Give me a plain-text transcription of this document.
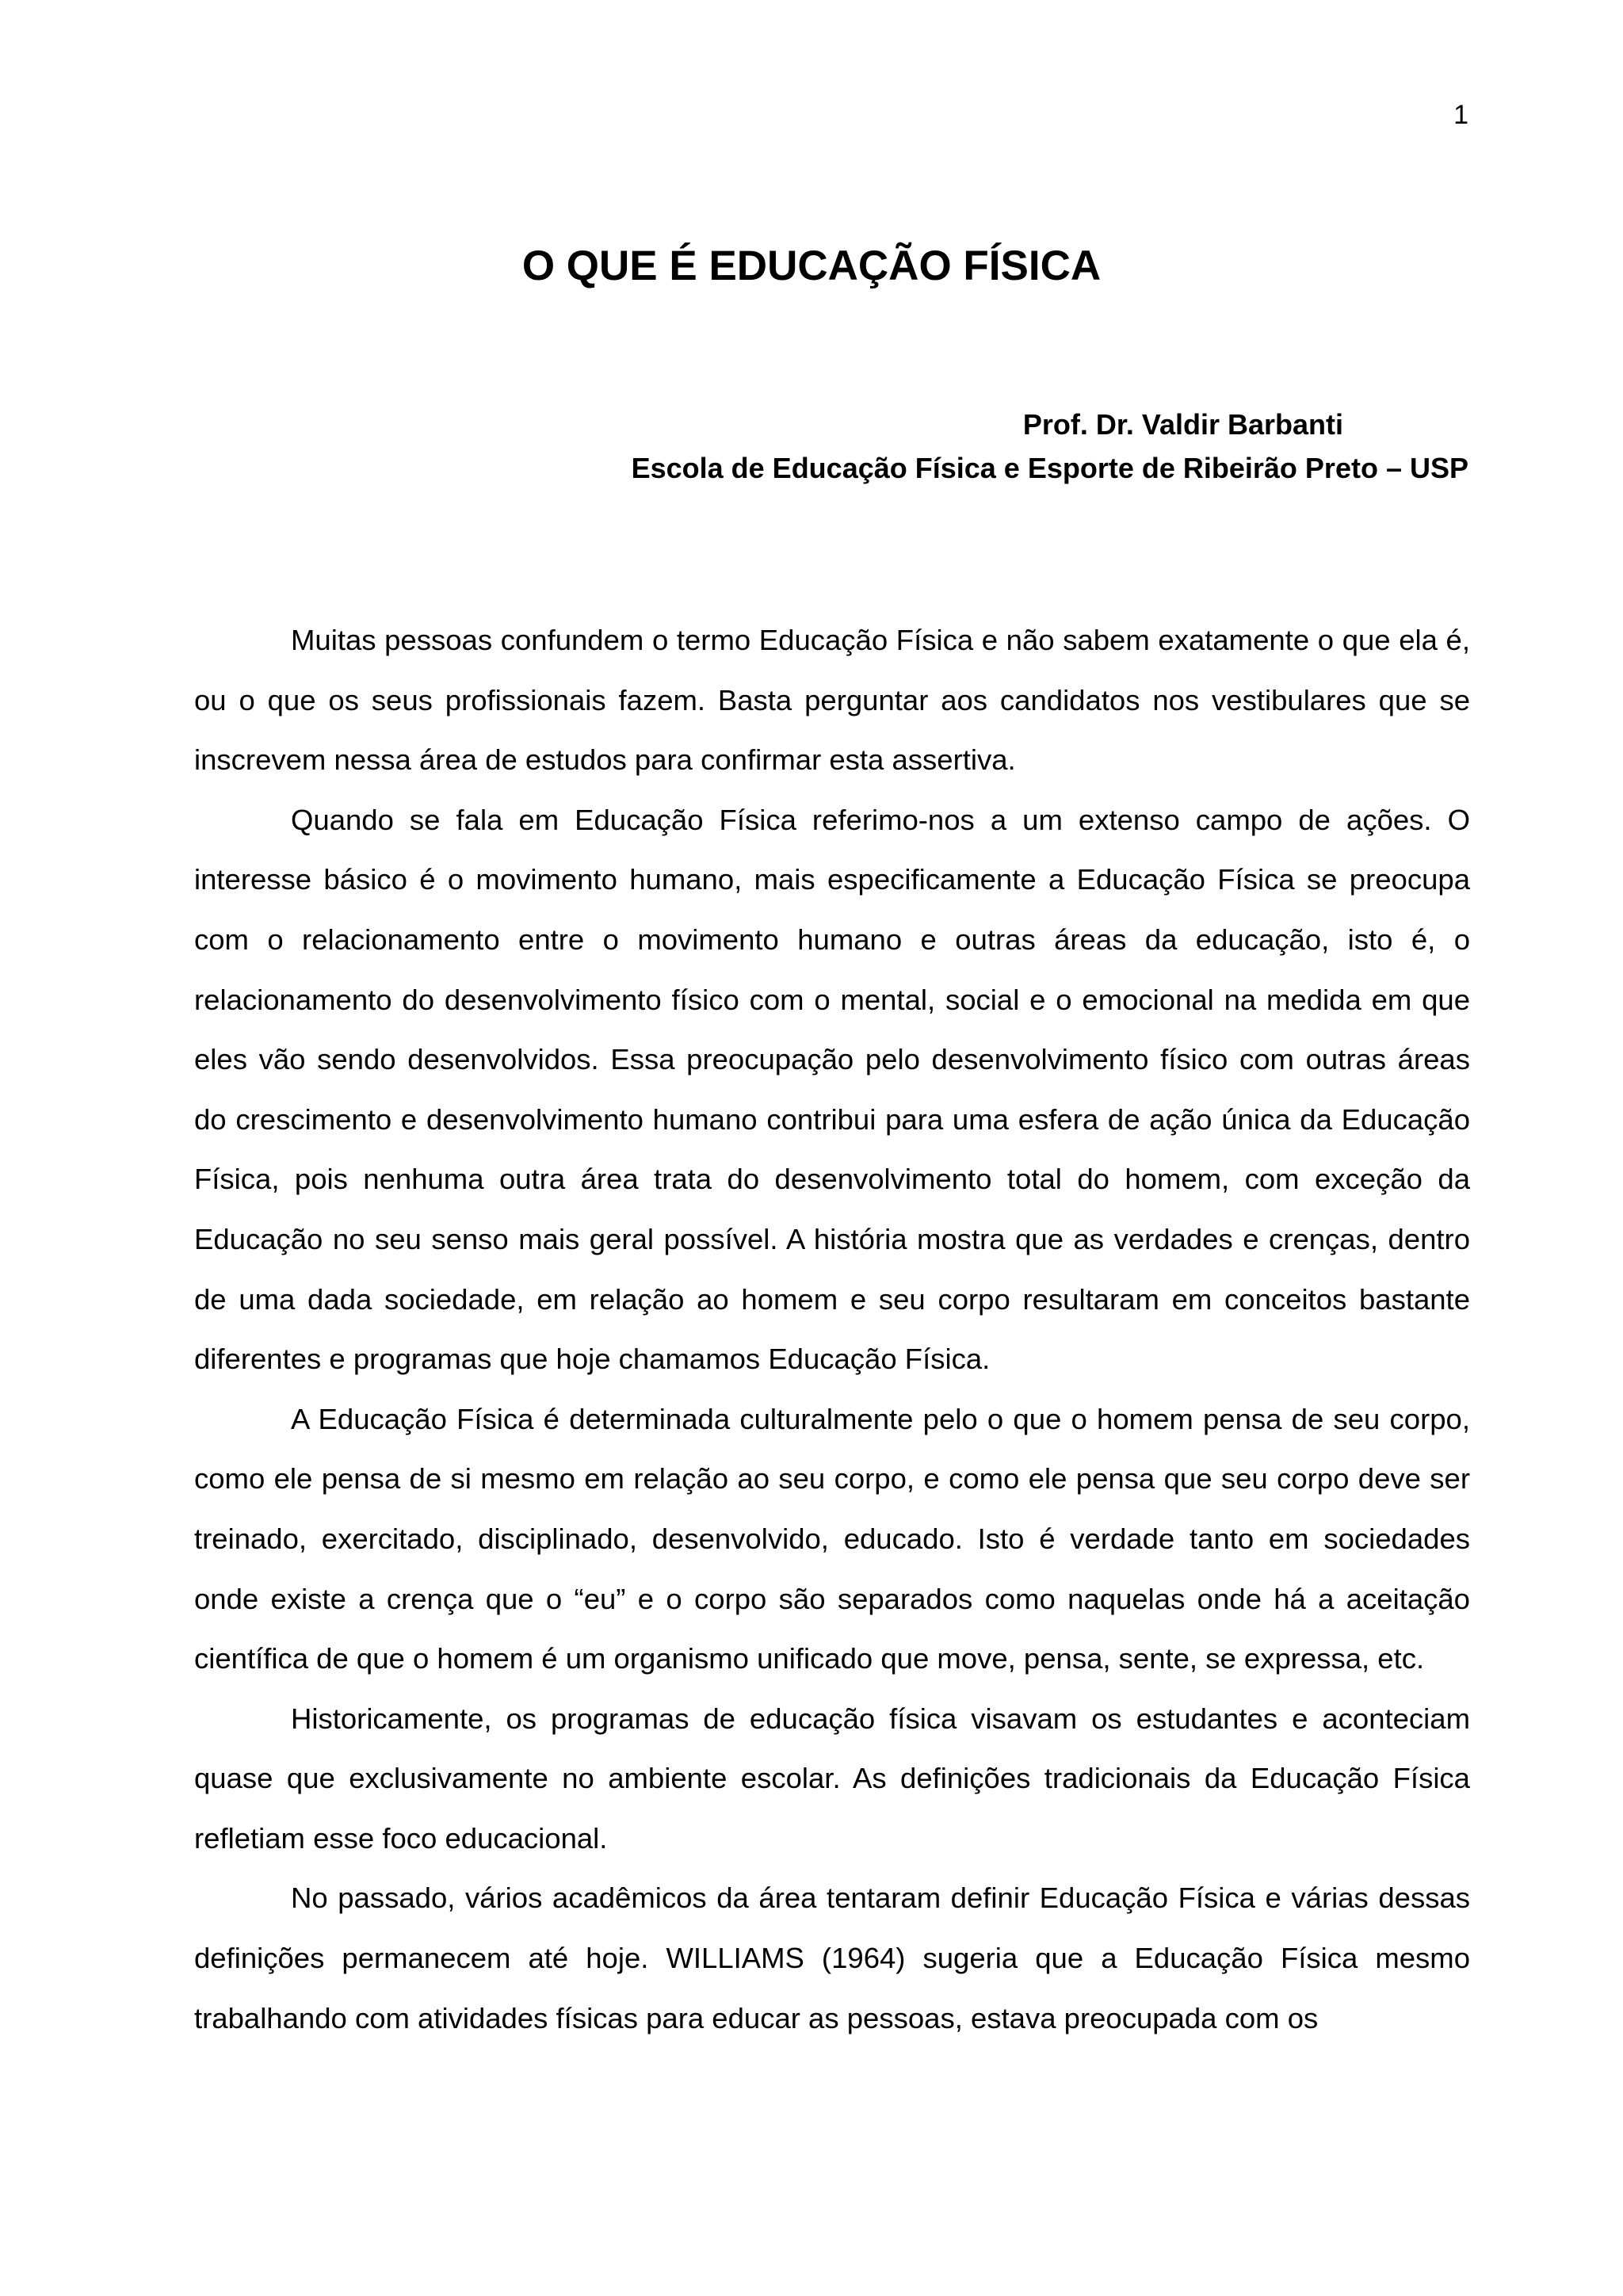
1
O QUE É EDUCAÇÃO FÍSICA
Prof. Dr. Valdir Barbanti
Escola de Educação Física e Esporte de Ribeirão Preto – USP

Muitas pessoas confundem o termo Educação Física e não sabem exatamente o que ela é, ou o que os seus profissionais fazem. Basta perguntar aos candidatos nos vestibulares que se inscrevem nessa área de estudos para confirmar esta assertiva.

Quando se fala em Educação Física referimo-nos a um extenso campo de ações. O interesse básico é o movimento humano, mais especificamente a Educação Física se preocupa com o relacionamento entre o movimento humano e outras áreas da educação, isto é, o relacionamento do desenvolvimento físico com o mental, social e o emocional na medida em que eles vão sendo desenvolvidos. Essa preocupação pelo desenvolvimento físico com outras áreas do crescimento e desenvolvimento humano contribui para uma esfera de ação única da Educação Física, pois nenhuma outra área trata do desenvolvimento total do homem, com exceção da Educação no seu senso mais geral possível. A história mostra que as verdades e crenças, dentro de uma dada sociedade, em relação ao homem e seu corpo resultaram em conceitos bastante diferentes e programas que hoje chamamos Educação Física.

A Educação Física é determinada culturalmente pelo o que o homem pensa de seu corpo, como ele pensa de si mesmo em relação ao seu corpo, e como ele pensa que seu corpo deve ser treinado, exercitado, disciplinado, desenvolvido, educado. Isto é verdade tanto em sociedades onde existe a crença que o “eu” e o corpo são separados como naquelas onde há a aceitação científica de que o homem é um organismo unificado que move, pensa, sente, se expressa, etc.

Historicamente, os programas de educação física visavam os estudantes e aconteciam quase que exclusivamente no ambiente escolar. As definições tradicionais da Educação Física refletiam esse foco educacional.

No passado, vários acadêmicos da área tentaram definir Educação Física e várias dessas definições permanecem até hoje. WILLIAMS (1964) sugeria que a Educação Física mesmo trabalhando com atividades físicas para educar as pessoas, estava preocupada com os
